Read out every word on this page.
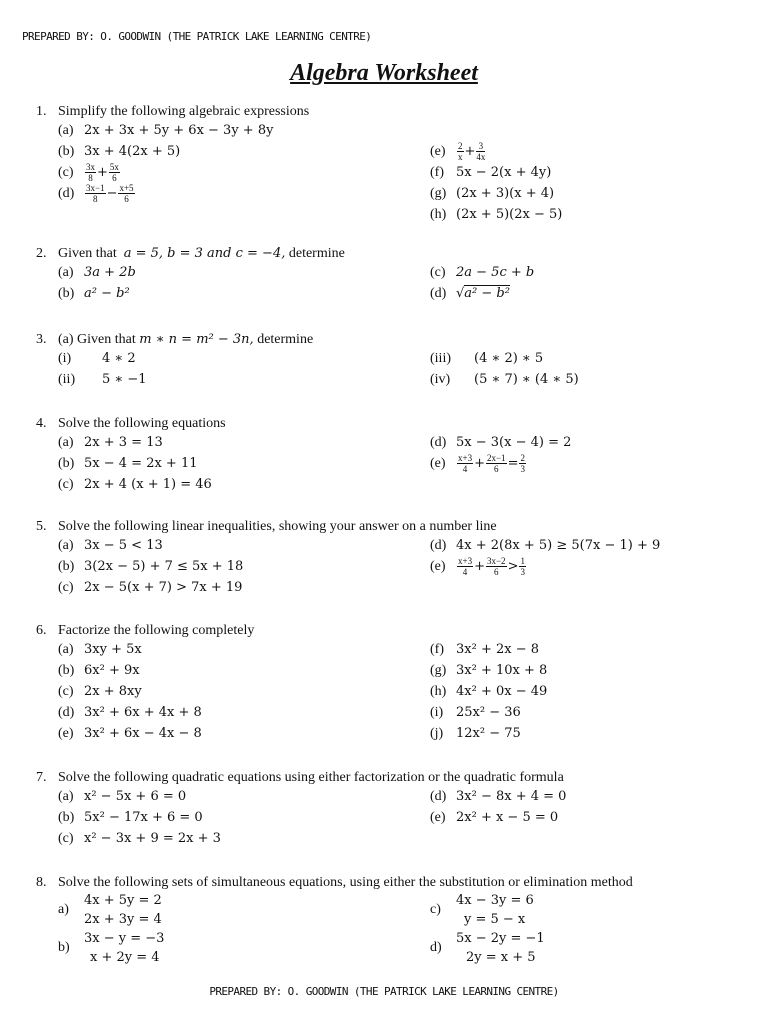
PREPARED BY: O. GOODWIN (THE PATRICK LAKE LEARNING CENTRE)
Algebra Worksheet
1. Simplify the following algebraic expressions
(a) 2x + 3x + 5y + 6x − 3y + 8y
(b) 3x + 4(2x + 5)
$(c) \frac{3x}{8} + \frac{5x}{6}$
$(d) \frac{3x-1}{8} - \frac{x+5}{6}$
$(e) \frac{2}{x} + \frac{3}{4x}$
(f) 5x − 2(x + 4y)
(g) (2x + 3)(x + 4)
(h) (2x + 5)(2x − 5)
2. Given that a = 5, b = 3 and c = −4, determine
(a) 3a + 2b
(b) a² − b²
(c) 2a − 5c + b
(d) √a² − b²
3. (a) Given that m ∗ n = m² − 3n, determine
(i) 4 ∗ 2
(ii) 5 ∗ −1
(iii) (4 ∗ 2) ∗ 5
(iv) (5 ∗ 7) ∗ (4 ∗ 5)
4. Solve the following equations
(a) 2x + 3 = 13
(b) 5x − 4 = 2x + 11
(c) 2x + 4 (x + 1) = 46
(d) 5x − 3(x − 4) = 2
$(e) \frac{x+3}{4} + \frac{2x-1}{6} = \frac{2}{3}$
5. Solve the following linear inequalities, showing your answer on a number line
(a) 3x − 5 < 13
(b) 3(2x − 5) + 7 ≤ 5x + 18
(c) 2x − 5(x + 7) > 7x + 19
(d) 4x + 2(8x + 5) ≥ 5(7x − 1) + 9
$(e) \frac{x+3}{4} + \frac{3x-2}{6} > \frac{1}{3}$
6. Factorize the following completely
(a) 3xy + 5x
(b) 6x² + 9x
(c) 2x + 8xy
(d) 3x² + 6x + 4x + 8
(e) 3x² + 6x − 4x − 8
(f) 3x² + 2x − 8
(g) 3x² + 10x + 8
(h) 4x² + 0x − 49
(i) 25x² − 36
(j) 12x² − 75
7. Solve the following quadratic equations using either factorization or the quadratic formula
(a) x² − 5x + 6 = 0
(b) 5x² − 17x + 6 = 0
(c) x² − 3x + 9 = 2x + 3
(d) 3x² − 8x + 4 = 0
(e) 2x² + x − 5 = 0
8. Solve the following sets of simultaneous equations, using either the substitution or elimination method
a)
4x + 5y = 2
2x + 3y = 4
b)
3x − y = −3
x + 2y = 4
c)
4x − 3y = 6
y = 5 − x
d)
5x − 2y = −1
2y = x + 5
PREPARED BY: O. GOODWIN (THE PATRICK LAKE LEARNING CENTRE)
